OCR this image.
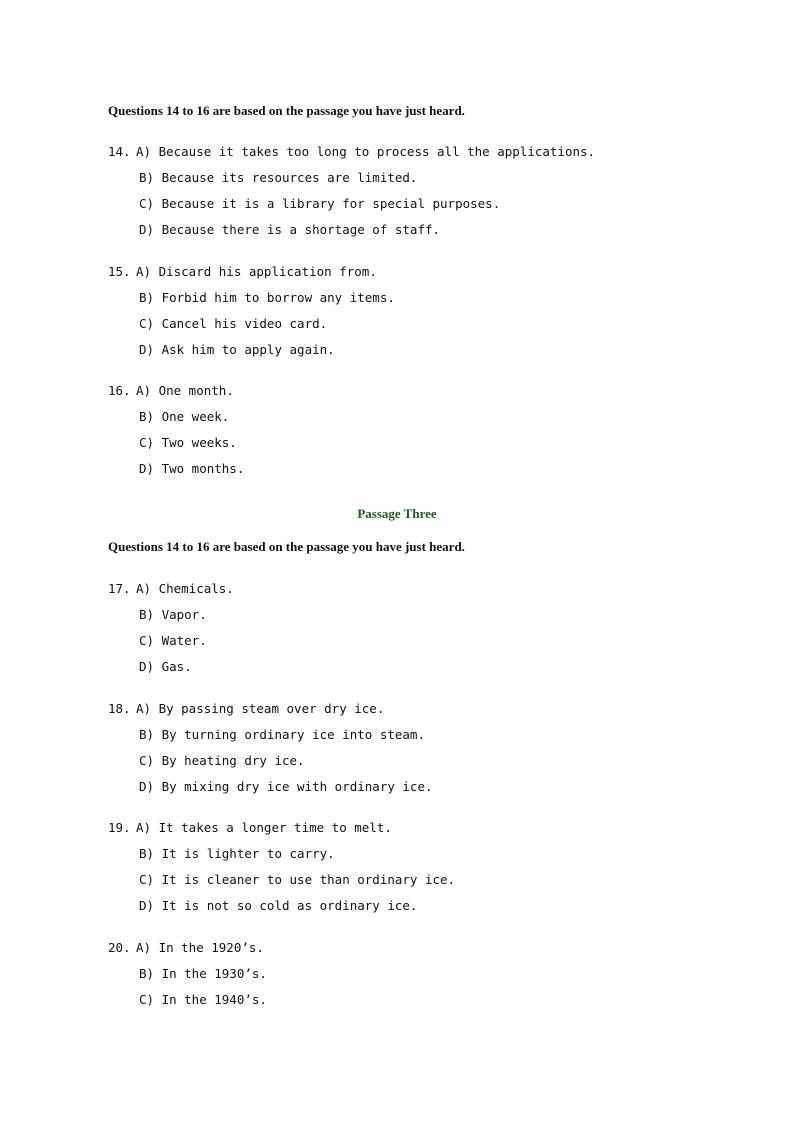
Questions 14 to 16 are based on the passage you have just heard.
14. A) Because it takes too long to process all the applications.
B) Because its resources are limited.
C) Because it is a library for special purposes.
D) Because there is a shortage of staff.
15. A) Discard his application from.
B) Forbid him to borrow any items.
C) Cancel his video card.
D) Ask him to apply again.
16. A) One month.
B) One week.
C) Two weeks.
D) Two months.
Passage Three
Questions 14 to 16 are based on the passage you have just heard.
17. A) Chemicals.
B) Vapor.
C) Water.
D) Gas.
18. A) By passing steam over dry ice.
B) By turning ordinary ice into steam.
C) By heating dry ice.
D) By mixing dry ice with ordinary ice.
19. A) It takes a longer time to melt.
B) It is lighter to carry.
C) It is cleaner to use than ordinary ice.
D) It is not so cold as ordinary ice.
20. A) In the 1920’s.
B) In the 1930’s.
C) In the 1940’s.
